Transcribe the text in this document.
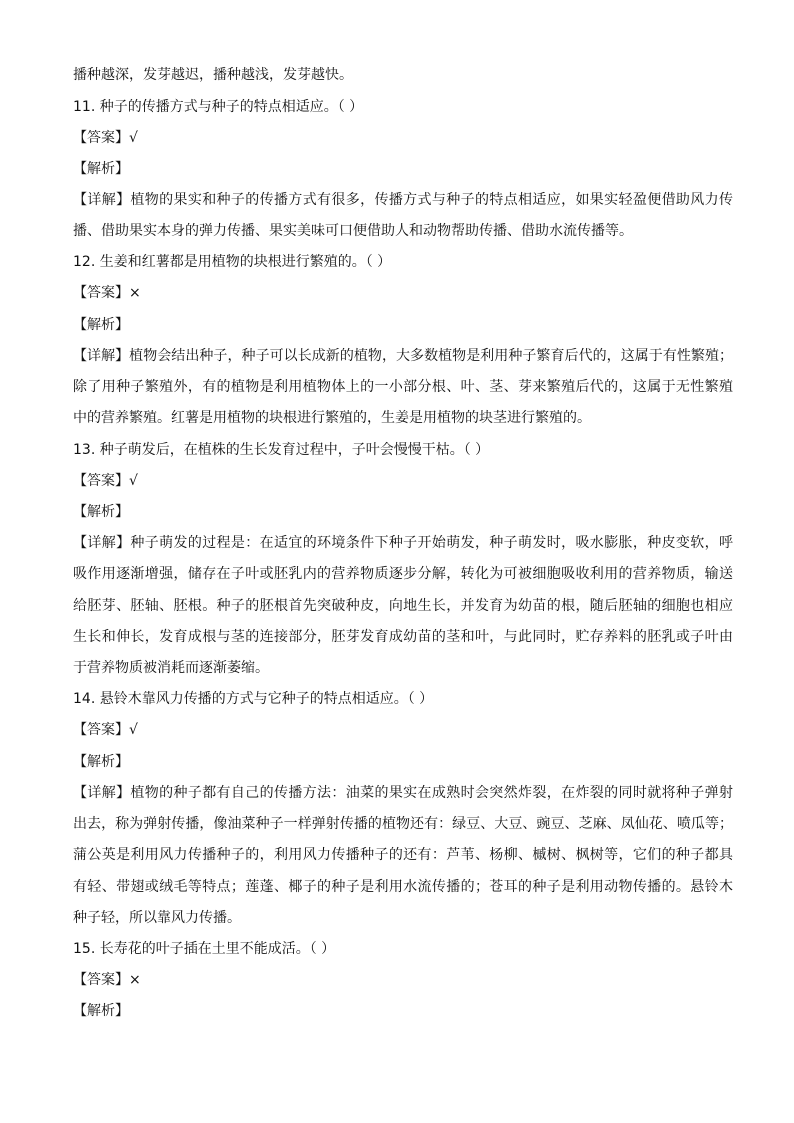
播种越深，发芽越迟，播种越浅，发芽越快。
11. 种子的传播方式与种子的特点相适应。（ ）
【答案】√
【解析】
【详解】植物的果实和种子的传播方式有很多，传播方式与种子的特点相适应，如果实轻盈便借助风力传
播、借助果实本身的弹力传播、果实美味可口便借助人和动物帮助传播、借助水流传播等。
12. 生姜和红薯都是用植物的块根进行繁殖的。（ ）
【答案】×
【解析】
【详解】植物会结出种子，种子可以长成新的植物，大多数植物是利用种子繁育后代的，这属于有性繁殖；
除了用种子繁殖外，有的植物是利用植物体上的一小部分根、叶、茎、芽来繁殖后代的，这属于无性繁殖
中的营养繁殖。红薯是用植物的块根进行繁殖的，生姜是用植物的块茎进行繁殖的。
13. 种子萌发后，在植株的生长发育过程中，子叶会慢慢干枯。（ ）
【答案】√
【解析】
【详解】种子萌发的过程是：在适宜的环境条件下种子开始萌发，种子萌发时，吸水膨胀，种皮变软，呼
吸作用逐渐增强，储存在子叶或胚乳内的营养物质逐步分解，转化为可被细胞吸收利用的营养物质，输送
给胚芽、胚轴、胚根。种子的胚根首先突破种皮，向地生长，并发育为幼苗的根，随后胚轴的细胞也相应
生长和伸长，发育成根与茎的连接部分，胚芽发育成幼苗的茎和叶，与此同时，贮存养料的胚乳或子叶由
于营养物质被消耗而逐渐萎缩。
14. 悬铃木靠风力传播的方式与它种子的特点相适应。（ ）
【答案】√
【解析】
【详解】植物的种子都有自己的传播方法：油菜的果实在成熟时会突然炸裂，在炸裂的同时就将种子弹射
出去，称为弹射传播，像油菜种子一样弹射传播的植物还有：绿豆、大豆、豌豆、芝麻、凤仙花、喷瓜等；
蒲公英是利用风力传播种子的，利用风力传播种子的还有：芦苇、杨柳、槭树、枫树等，它们的种子都具
有轻、带翅或绒毛等特点；莲蓬、椰子的种子是利用水流传播的；苍耳的种子是利用动物传播的。悬铃木
种子轻，所以靠风力传播。
15. 长寿花的叶子插在土里不能成活。（ ）
【答案】×
【解析】
